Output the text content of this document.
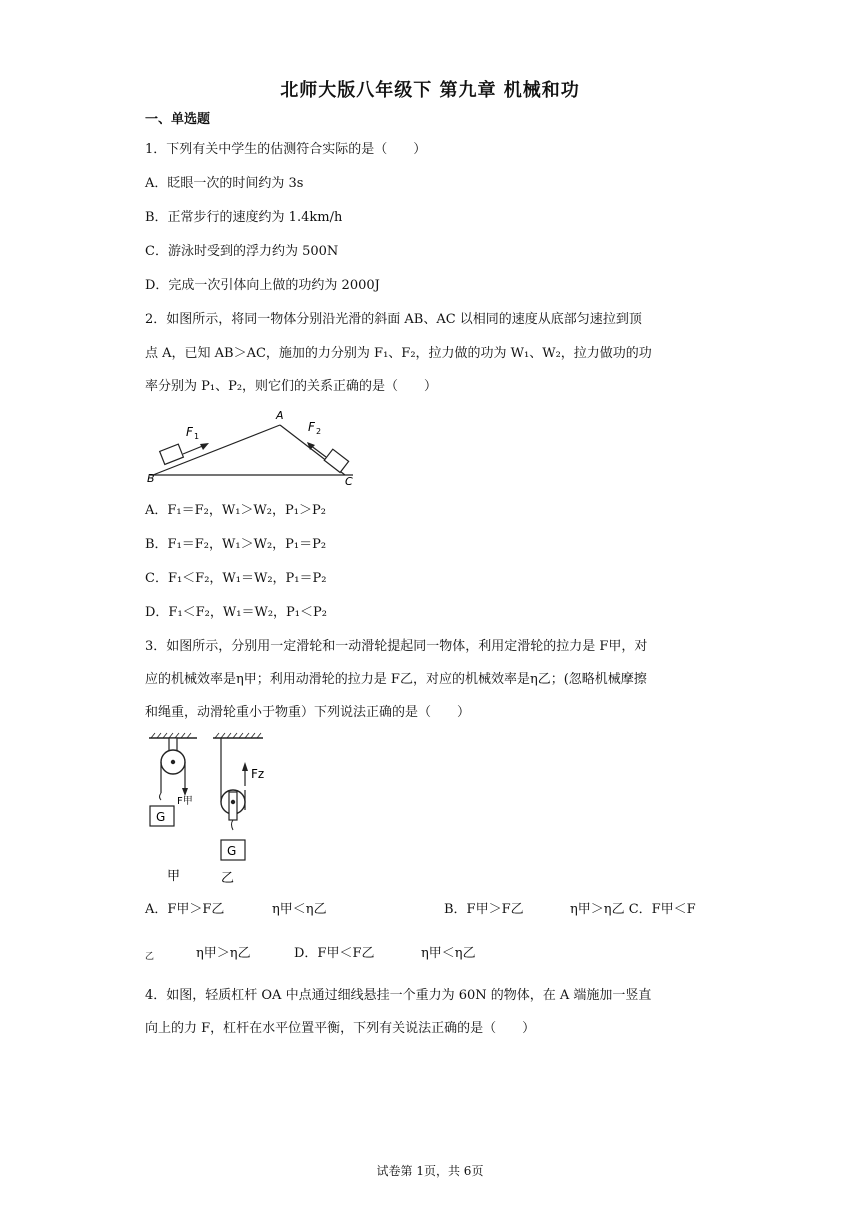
北师大版八年级下 第九章 机械和功
一、单选题
1．下列有关中学生的估测符合实际的是（　　）
A．眨眼一次的时间约为 3s
B．正常步行的速度约为 1.4km/h
C．游泳时受到的浮力约为 500N
D．完成一次引体向上做的功约为 2000J
2．如图所示，将同一物体分别沿光滑的斜面 AB、AC 以相同的速度从底部匀速拉到顶
点 A，已知 AB＞AC，施加的力分别为 F₁、F₂，拉力做的功为 W₁、W₂，拉力做功的功
率分别为 P₁、P₂，则它们的关系正确的是（　　）
A
B	C
F 1
F 2
A．F₁＝F₂，W₁＞W₂，P₁＞P₂
B．F₁＝F₂，W₁＞W₂，P₁＝P₂
C．F₁＜F₂，W₁＝W₂，P₁＝P₂
D．F₁＜F₂，W₁＝W₂，P₁＜P₂
3．如图所示，分别用一定滑轮和一动滑轮提起同一物体，利用定滑轮的拉力是 F甲，对
应的机械效率是η甲；利用动滑轮的拉力是 F乙，对应的机械效率是η乙；(忽略机械摩擦
和绳重，动滑轮重小于物重）下列说法正确的是（　　）
G
F甲
甲
G
Fz
乙
A．F甲＞F乙	η甲＜η乙	B．F甲＞F乙	η甲＞η乙 C．F甲＜F
乙	η甲＞η乙	D．F甲＜F乙	η甲＜η乙
4．如图，轻质杠杆 OA 中点通过细线悬挂一个重力为 60N 的物体，在 A 端施加一竖直
向上的力 F，杠杆在水平位置平衡，下列有关说法正确的是（　　）
试卷第 1页，共 6页
